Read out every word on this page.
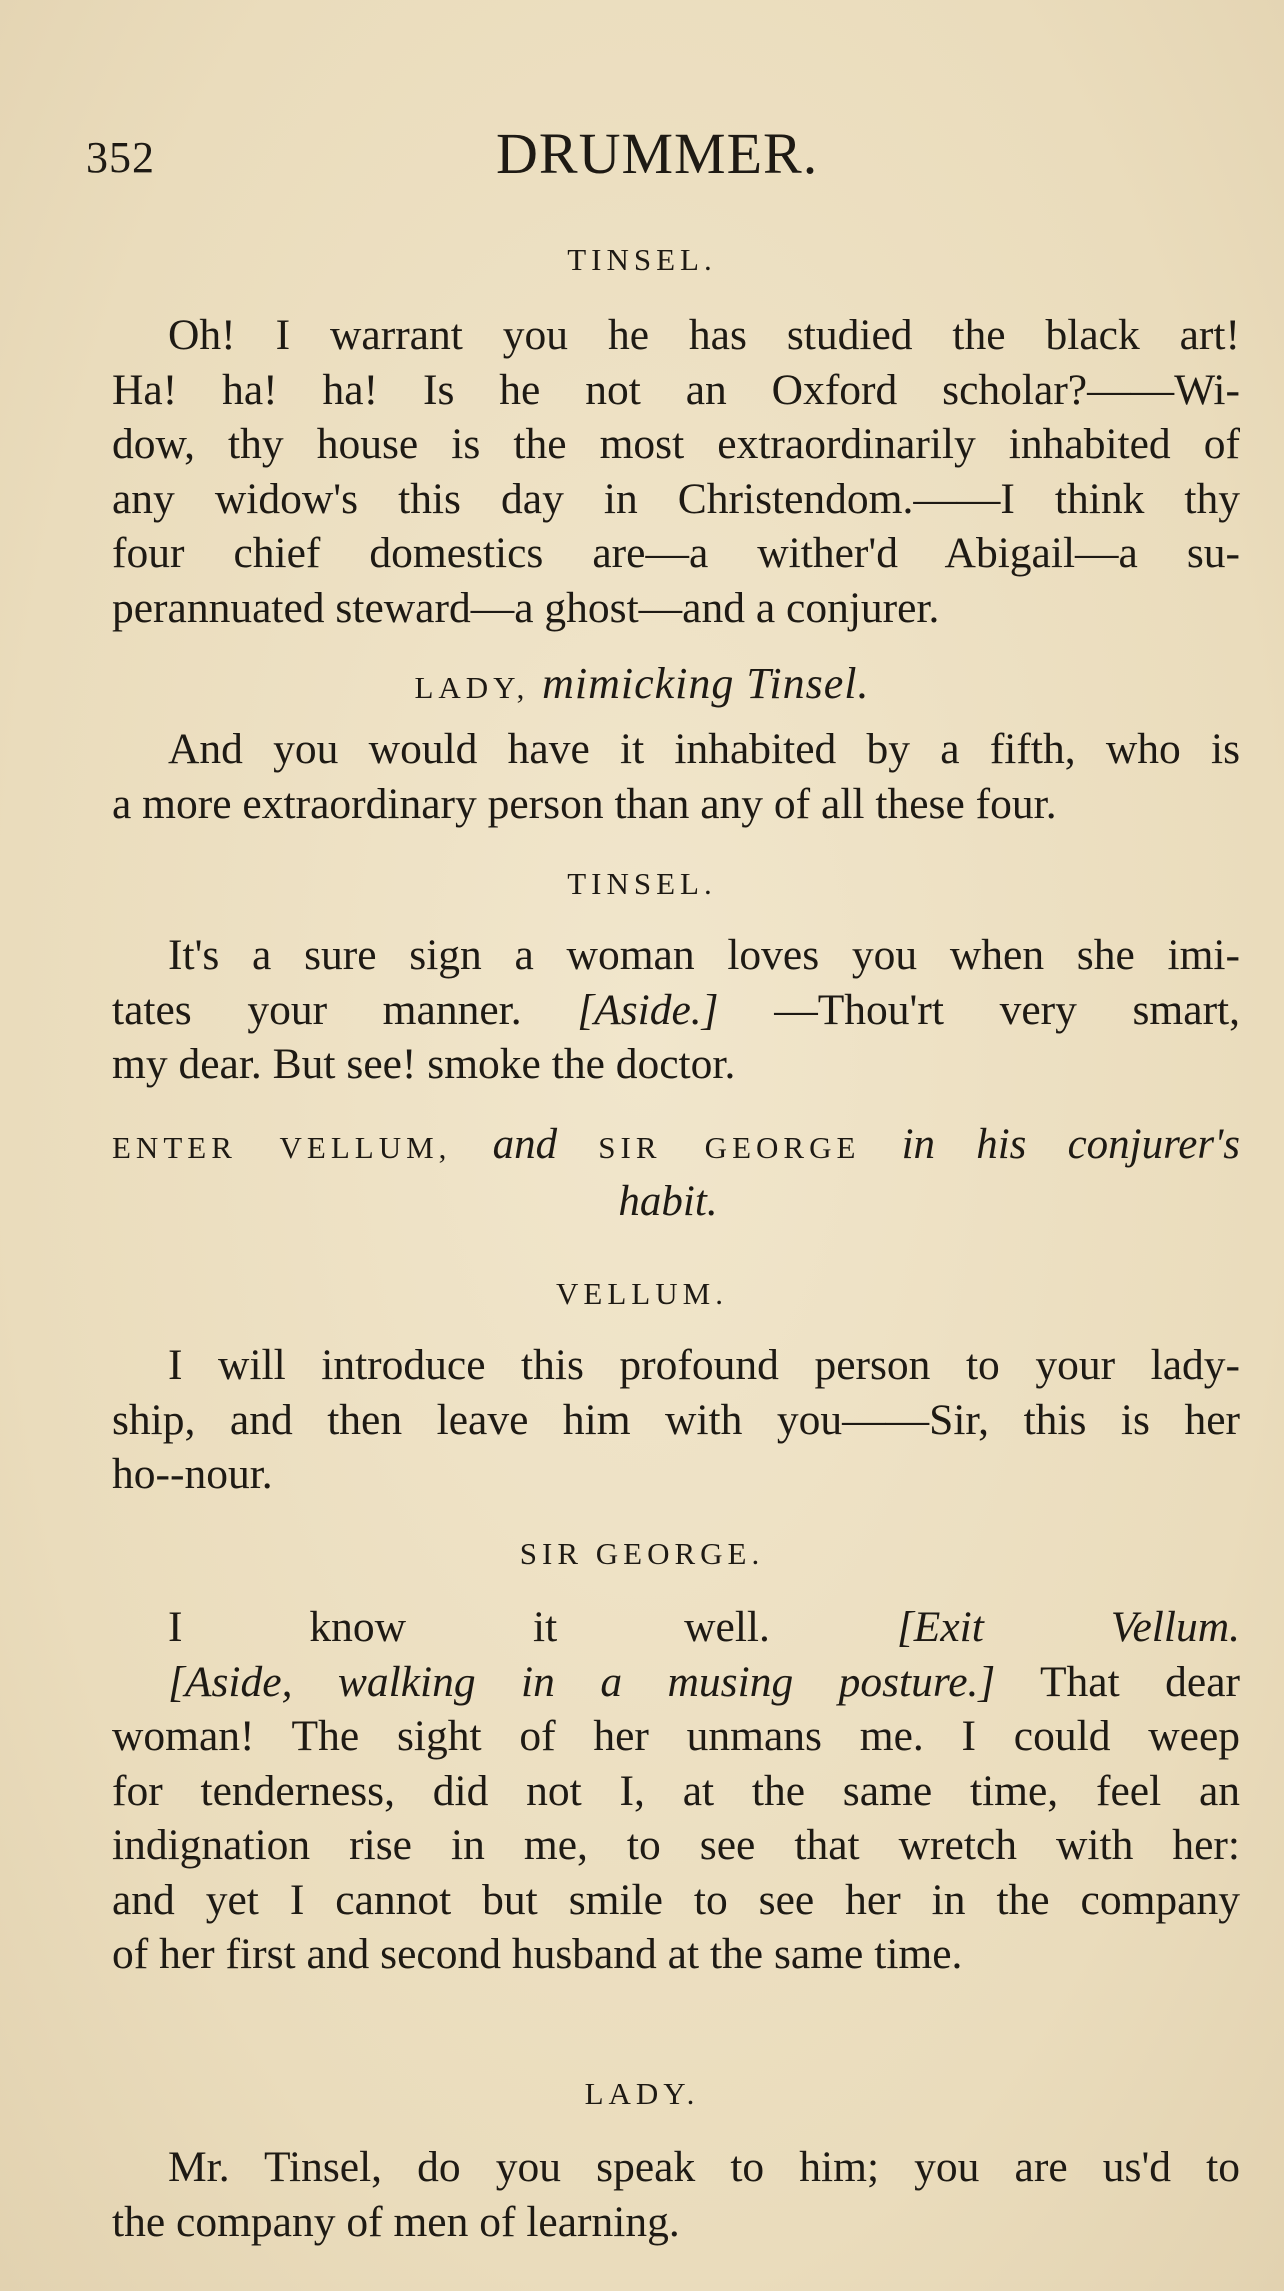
352	DRUMMER.
TINSEL.
Oh! I warrant you he has studied the black art!
Ha! ha! ha! Is he not an Oxford scholar?——Wi-
dow, thy house is the most extraordinarily inhabited of
any widow's this day in Christendom.——I think thy
four chief domestics are—a wither'd Abigail—a su-
perannuated steward—a ghost—and a conjurer.
LADY, mimicking Tinsel.
And you would have it inhabited by a fifth, who is
a more extraordinary person than any of all these four.
TINSEL.
It's a sure sign a woman loves you when she imi-
tates your manner. [Aside.] —Thou'rt very smart,
my dear. But see! smoke the doctor.
ENTER VELLUM, and SIR GEORGE in his conjurer's
habit.
VELLUM.
I will introduce this profound person to your lady-
ship, and then leave him with you——Sir, this is her
ho--nour.
SIR GEORGE.
I know it well.	[Exit Vellum.
[Aside, walking in a musing posture.] That dear
woman! The sight of her unmans me. I could weep
for tenderness, did not I, at the same time, feel an
indignation rise in me, to see that wretch with her:
and yet I cannot but smile to see her in the company
of her first and second husband at the same time.
LADY.
Mr. Tinsel, do you speak to him; you are us'd to
the company of men of learning.
